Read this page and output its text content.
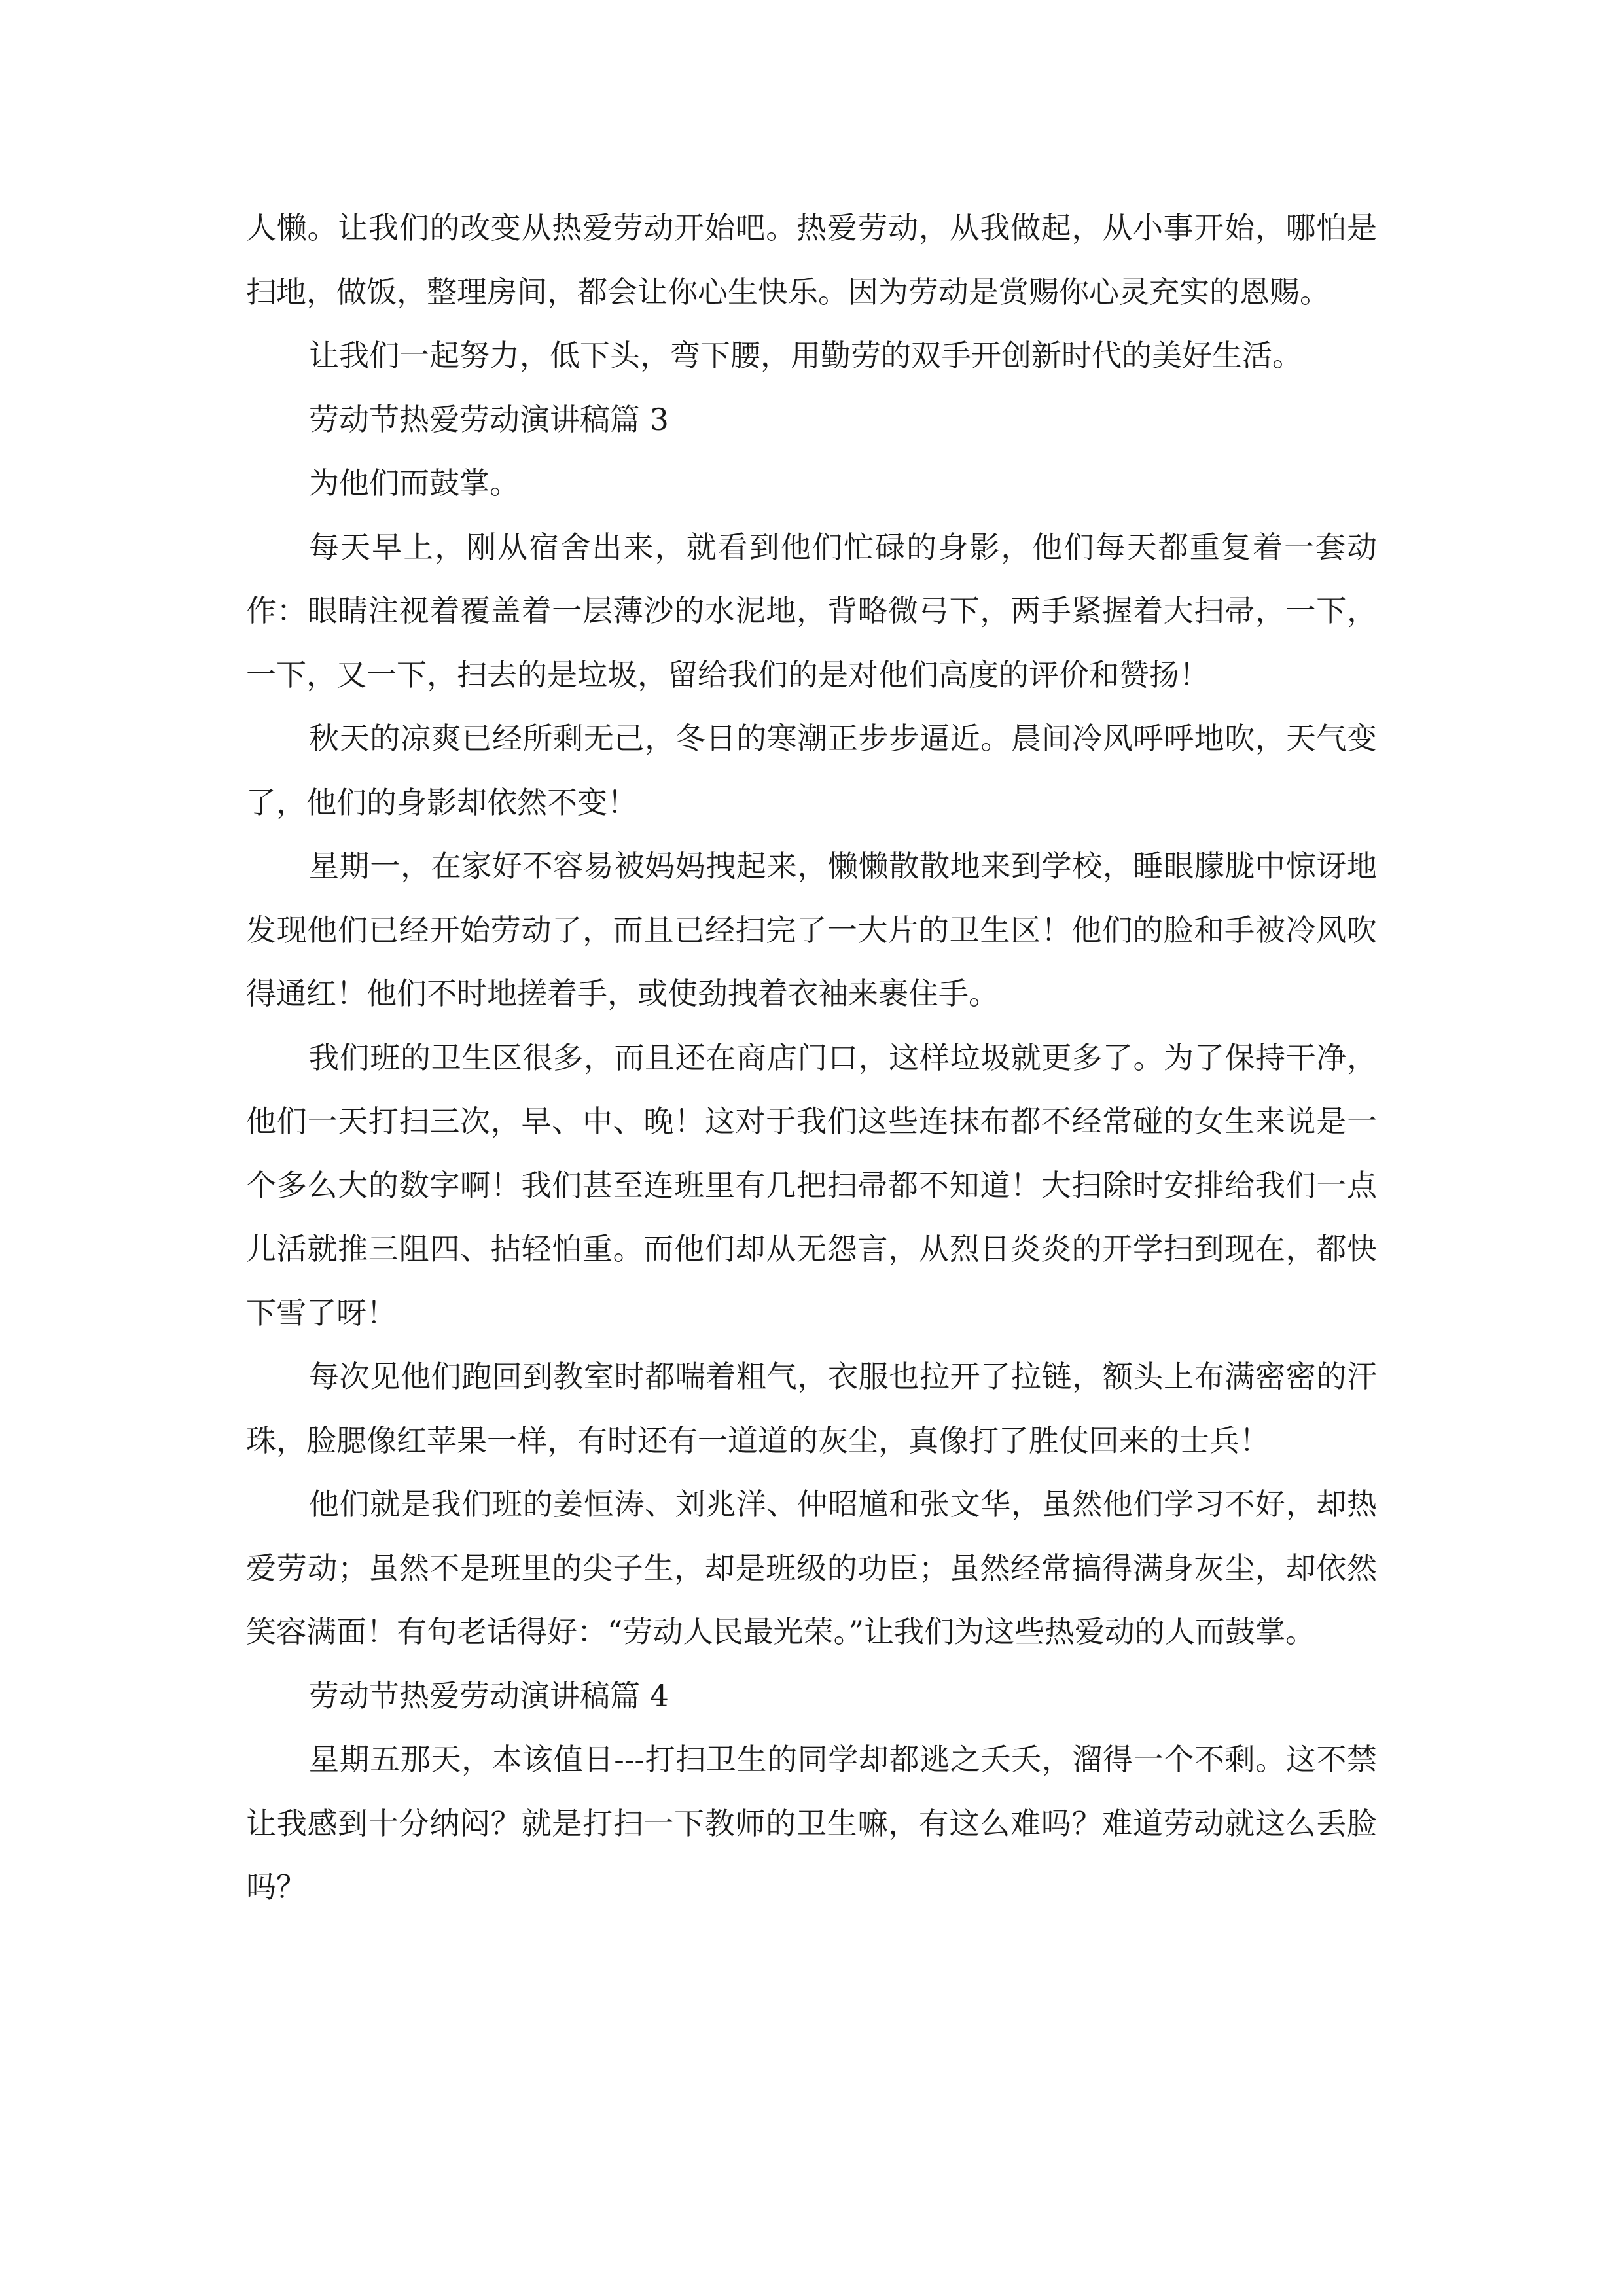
人懒。让我们的改变从热爱劳动开始吧。热爱劳动，从我做起，从小事开始，哪怕是扫地，做饭，整理房间，都会让你心生快乐。因为劳动是赏赐你心灵充实的恩赐。

让我们一起努力，低下头，弯下腰，用勤劳的双手开创新时代的美好生活。

劳动节热爱劳动演讲稿篇 3

为他们而鼓掌。

每天早上，刚从宿舍出来，就看到他们忙碌的身影，他们每天都重复着一套动作：眼睛注视着覆盖着一层薄沙的水泥地，背略微弓下，两手紧握着大扫帚，一下，一下，又一下，扫去的是垃圾，留给我们的是对他们高度的评价和赞扬！

秋天的凉爽已经所剩无己，冬日的寒潮正步步逼近。晨间冷风呼呼地吹，天气变了，他们的身影却依然不变！

星期一，在家好不容易被妈妈拽起来，懒懒散散地来到学校，睡眼朦胧中惊讶地发现他们已经开始劳动了，而且已经扫完了一大片的卫生区！他们的脸和手被冷风吹得通红！他们不时地搓着手，或使劲拽着衣袖来裹住手。

我们班的卫生区很多，而且还在商店门口，这样垃圾就更多了。为了保持干净，他们一天打扫三次，早、中、晚！这对于我们这些连抹布都不经常碰的女生来说是一个多么大的数字啊！我们甚至连班里有几把扫帚都不知道！大扫除时安排给我们一点儿活就推三阻四、拈轻怕重。而他们却从无怨言，从烈日炎炎的开学扫到现在，都快下雪了呀！

每次见他们跑回到教室时都喘着粗气，衣服也拉开了拉链，额头上布满密密的汗珠，脸腮像红苹果一样，有时还有一道道的灰尘，真像打了胜仗回来的士兵！

他们就是我们班的姜恒涛、刘兆洋、仲昭馗和张文华，虽然他们学习不好，却热爱劳动；虽然不是班里的尖子生，却是班级的功臣；虽然经常搞得满身灰尘，却依然笑容满面！有句老话得好：“劳动人民最光荣。”让我们为这些热爱动的人而鼓掌。

劳动节热爱劳动演讲稿篇 4

星期五那天，本该值日---打扫卫生的同学却都逃之夭夭，溜得一个不剩。这不禁让我感到十分纳闷？就是打扫一下教师的卫生嘛，有这么难吗？难道劳动就这么丢脸吗？
